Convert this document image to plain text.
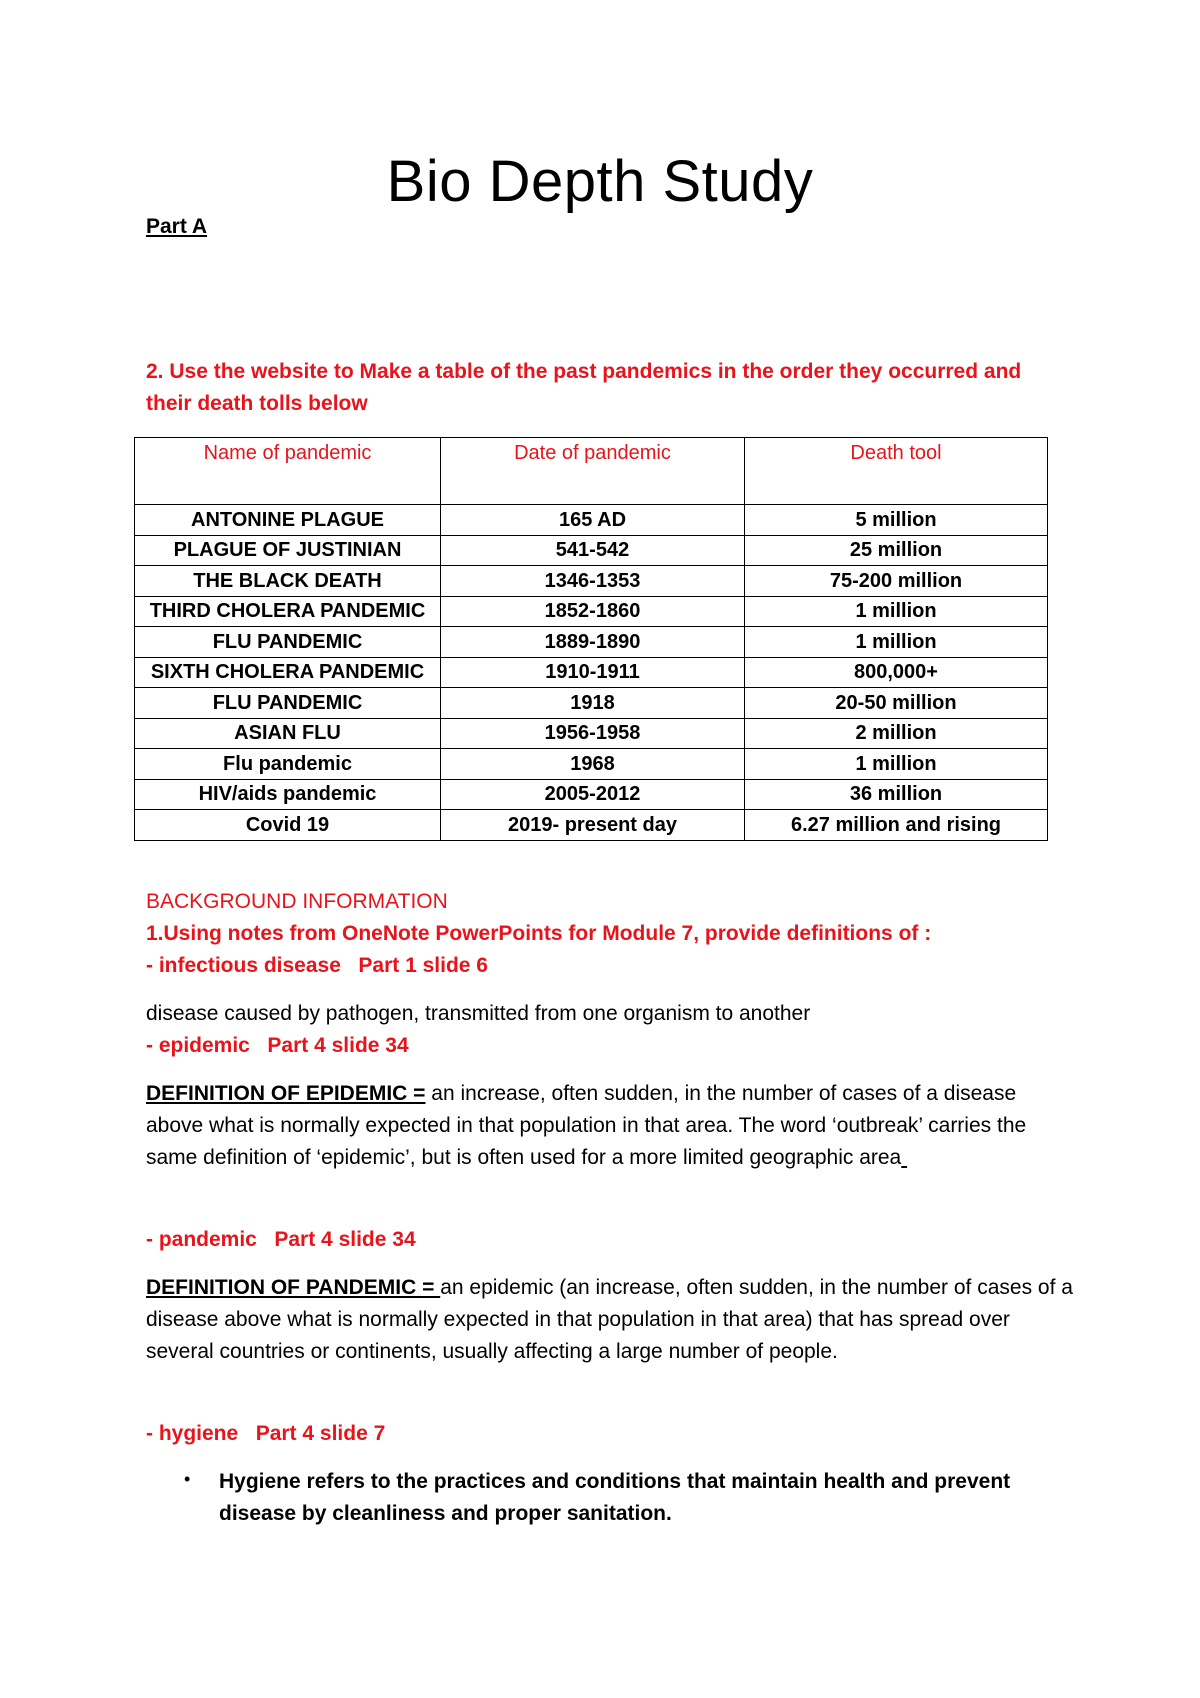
Bio Depth Study
Part A
2. Use the website to Make a table of the past pandemics in the order they occurred and their death tolls below
Name of pandemic	Date of pandemic	Death tool
ANTONINE PLAGUE	165 AD	5 million
PLAGUE OF JUSTINIAN	541-542	25 million
THE BLACK DEATH	1346-1353	75-200 million
THIRD CHOLERA PANDEMIC	1852-1860	1 million
FLU PANDEMIC	1889-1890	1 million
SIXTH CHOLERA PANDEMIC	1910-1911	800,000+
FLU PANDEMIC	1918	20-50 million
ASIAN FLU	1956-1958	2 million
Flu pandemic	1968	1 million
HIV/aids pandemic	2005-2012	36 million
Covid 19	2019- present day	6.27 million and rising
BACKGROUND INFORMATION
1.Using notes from OneNote PowerPoints for Module 7, provide definitions of :
- infectious disease Part 1 slide 6
disease caused by pathogen, transmitted from one organism to another
- epidemic Part 4 slide 34
DEFINITION OF EPIDEMIC = an increase, often sudden, in the number of cases of a disease above what is normally expected in that population in that area. The word ‘outbreak’ carries the same definition of ‘epidemic’, but is often used for a more limited geographic area
- pandemic Part 4 slide 34
DEFINITION OF PANDEMIC = an epidemic (an increase, often sudden, in the number of cases of a disease above what is normally expected in that population in that area) that has spread over several countries or continents, usually affecting a large number of people.
- hygiene Part 4 slide 7
• Hygiene refers to the practices and conditions that maintain health and prevent disease by cleanliness and proper sanitation.
